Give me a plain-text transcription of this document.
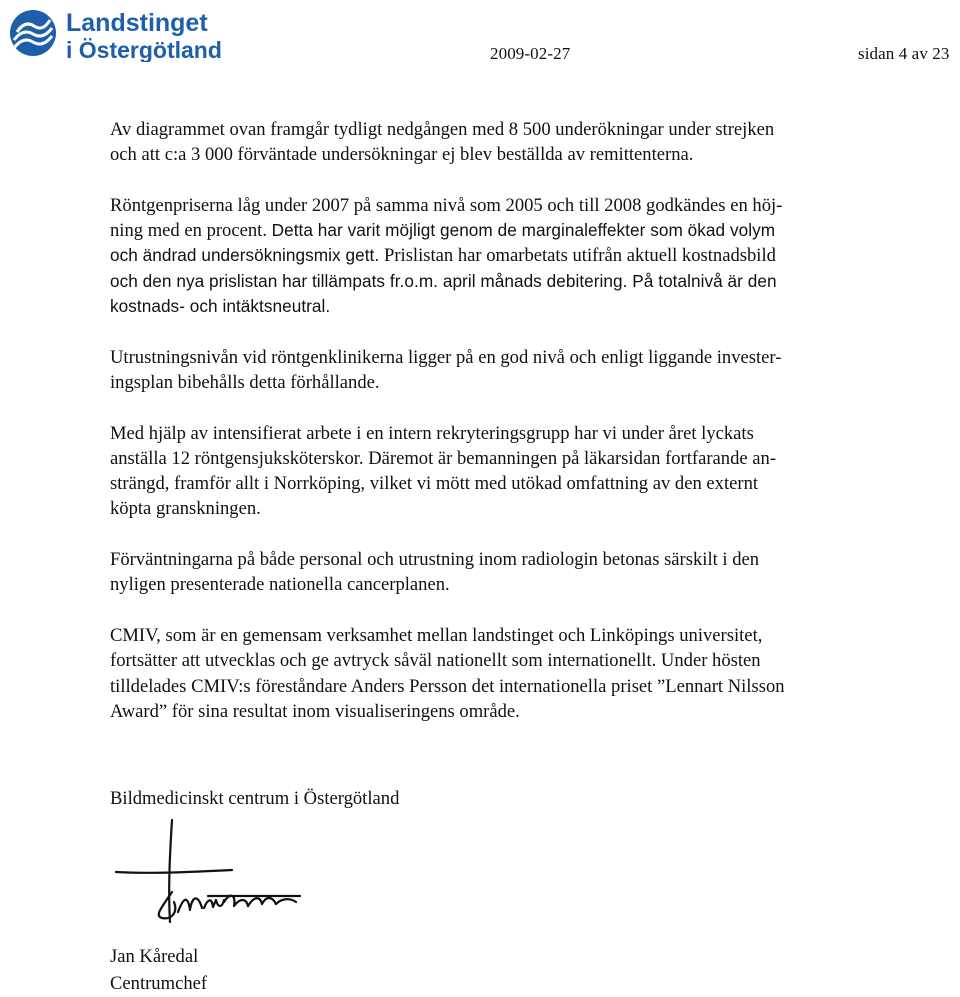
Landstinget
i Östergötland	2009-02-27	sidan 4 av 23

Av diagrammet ovan framgår tydligt nedgången med 8 500 underökningar under strejken
och att c:a 3 000 förväntade undersökningar ej blev beställda av remittenterna.

Röntgenpriserna låg under 2007 på samma nivå som 2005 och till 2008 godkändes en höj-
ning med en procent. Detta har varit möjligt genom de marginaleffekter som ökad volym
och ändrad undersökningsmix gett. Prislistan har omarbetats utifrån aktuell kostnadsbild
och den nya prislistan har tillämpats fr.o.m. april månads debitering. På totalnivå är den
kostnads- och intäktsneutral.

Utrustningsnivån vid röntgenklinikerna ligger på en god nivå och enligt liggande invester-
ingsplan bibehålls detta förhållande.

Med hjälp av intensifierat arbete i en intern rekryteringsgrupp har vi under året lyckats
anställa 12 röntgensjuksköterskor. Däremot är bemanningen på läkarsidan fortfarande an-
strängd, framför allt i Norrköping, vilket vi mött med utökad omfattning av den externt
köpta granskningen.

Förväntningarna på både personal och utrustning inom radiologin betonas särskilt i den
nyligen presenterade nationella cancerplanen.

CMIV, som är en gemensam verksamhet mellan landstinget och Linköpings universitet,
fortsätter att utvecklas och ge avtryck såväl nationellt som internationellt. Under hösten
tilldelades CMIV:s föreståndare Anders Persson det internationella priset ”Lennart Nilsson
Award” för sina resultat inom visualiseringens område.

Bildmedicinskt centrum i Östergötland
Jan Kåredal
Centrumchef
